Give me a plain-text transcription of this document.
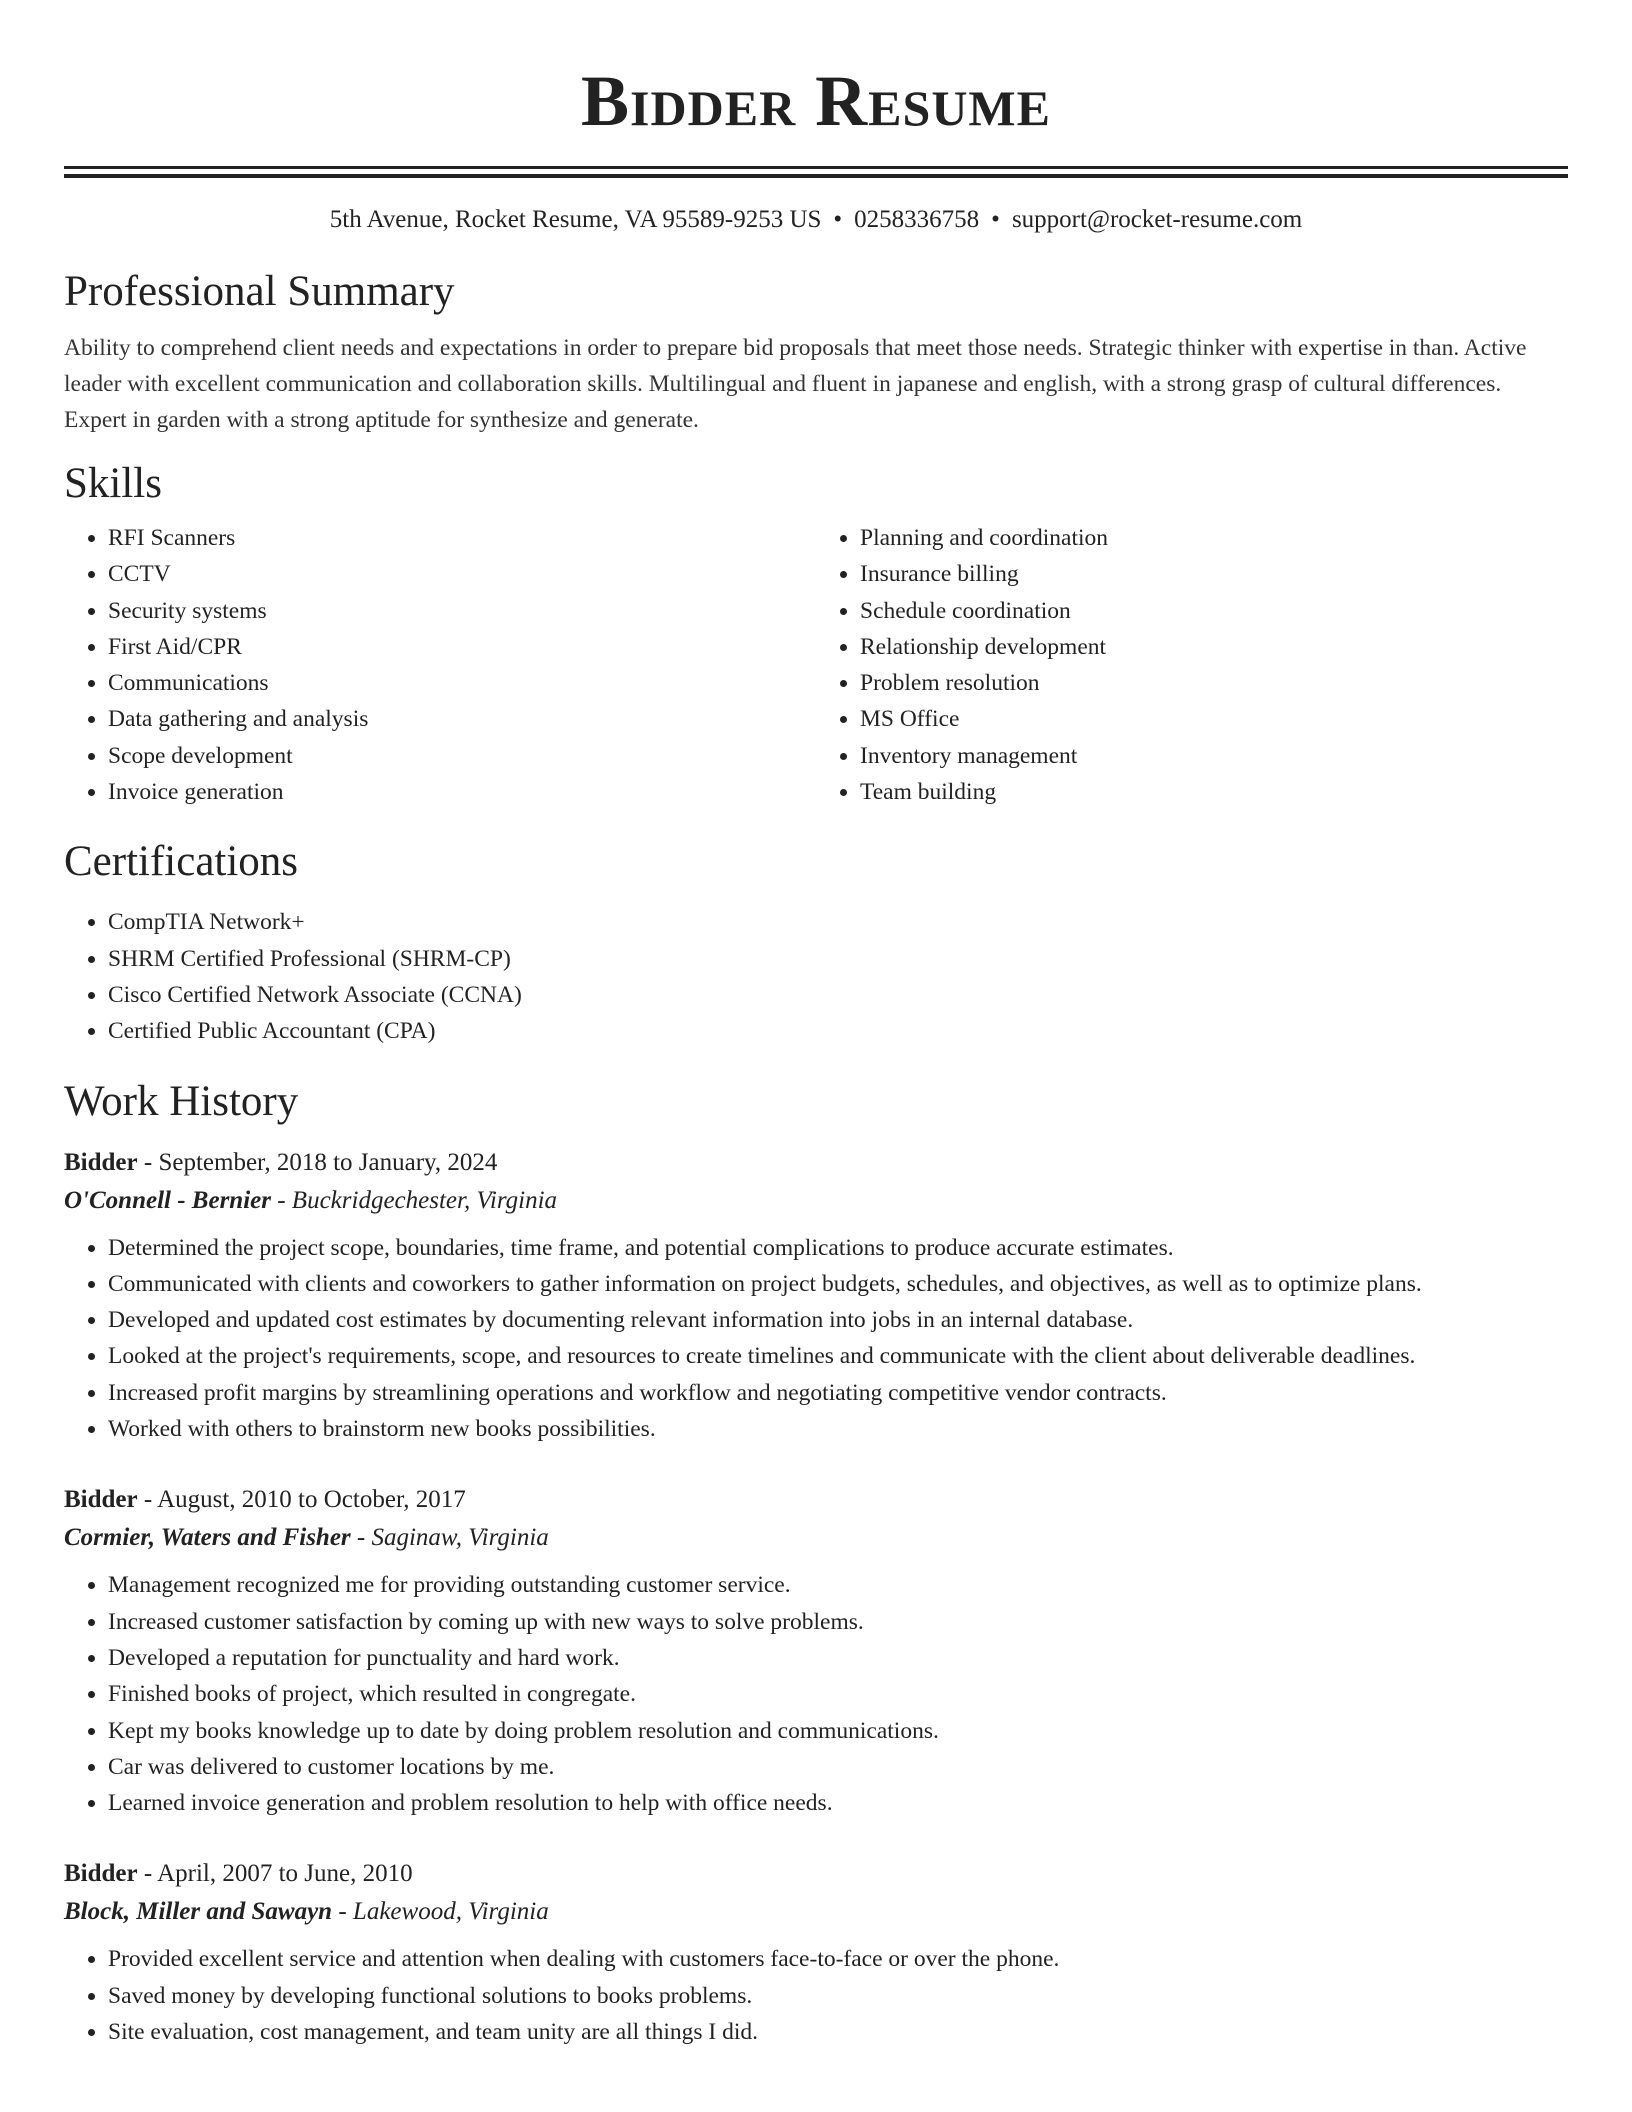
Bidder Resume
5th Avenue, Rocket Resume, VA 95589-9253 US • 0258336758 • support@rocket-resume.com
Professional Summary

Ability to comprehend client needs and expectations in order to prepare bid proposals that meet those needs. Strategic thinker with expertise in than. Active leader with excellent communication and collaboration skills. Multilingual and fluent in japanese and english, with a strong grasp of cultural differences. Expert in garden with a strong aptitude for synthesize and generate.

Skills
• RFI Scanners
• CCTV
• Security systems
• First Aid/CPR
• Communications
• Data gathering and analysis
• Scope development
• Invoice generation
• Planning and coordination
• Insurance billing
• Schedule coordination
• Relationship development
• Problem resolution
• MS Office
• Inventory management
• Team building
Certifications
• CompTIA Network+
• SHRM Certified Professional (SHRM-CP)
• Cisco Certified Network Associate (CCNA)
• Certified Public Accountant (CPA)
Work History
Bidder - September, 2018 to January, 2024
O'Connell - Bernier - Buckridgechester, Virginia
• Determined the project scope, boundaries, time frame, and potential complications to produce accurate estimates.
• Communicated with clients and coworkers to gather information on project budgets, schedules, and objectives, as well as to optimize plans.
• Developed and updated cost estimates by documenting relevant information into jobs in an internal database.
• Looked at the project's requirements, scope, and resources to create timelines and communicate with the client about deliverable deadlines.
• Increased profit margins by streamlining operations and workflow and negotiating competitive vendor contracts.
• Worked with others to brainstorm new books possibilities.
Bidder - August, 2010 to October, 2017
Cormier, Waters and Fisher - Saginaw, Virginia
• Management recognized me for providing outstanding customer service.
• Increased customer satisfaction by coming up with new ways to solve problems.
• Developed a reputation for punctuality and hard work.
• Finished books of project, which resulted in congregate.
• Kept my books knowledge up to date by doing problem resolution and communications.
• Car was delivered to customer locations by me.
• Learned invoice generation and problem resolution to help with office needs.
Bidder - April, 2007 to June, 2010
Block, Miller and Sawayn - Lakewood, Virginia
• Provided excellent service and attention when dealing with customers face-to-face or over the phone.
• Saved money by developing functional solutions to books problems.
• Site evaluation, cost management, and team unity are all things I did.
